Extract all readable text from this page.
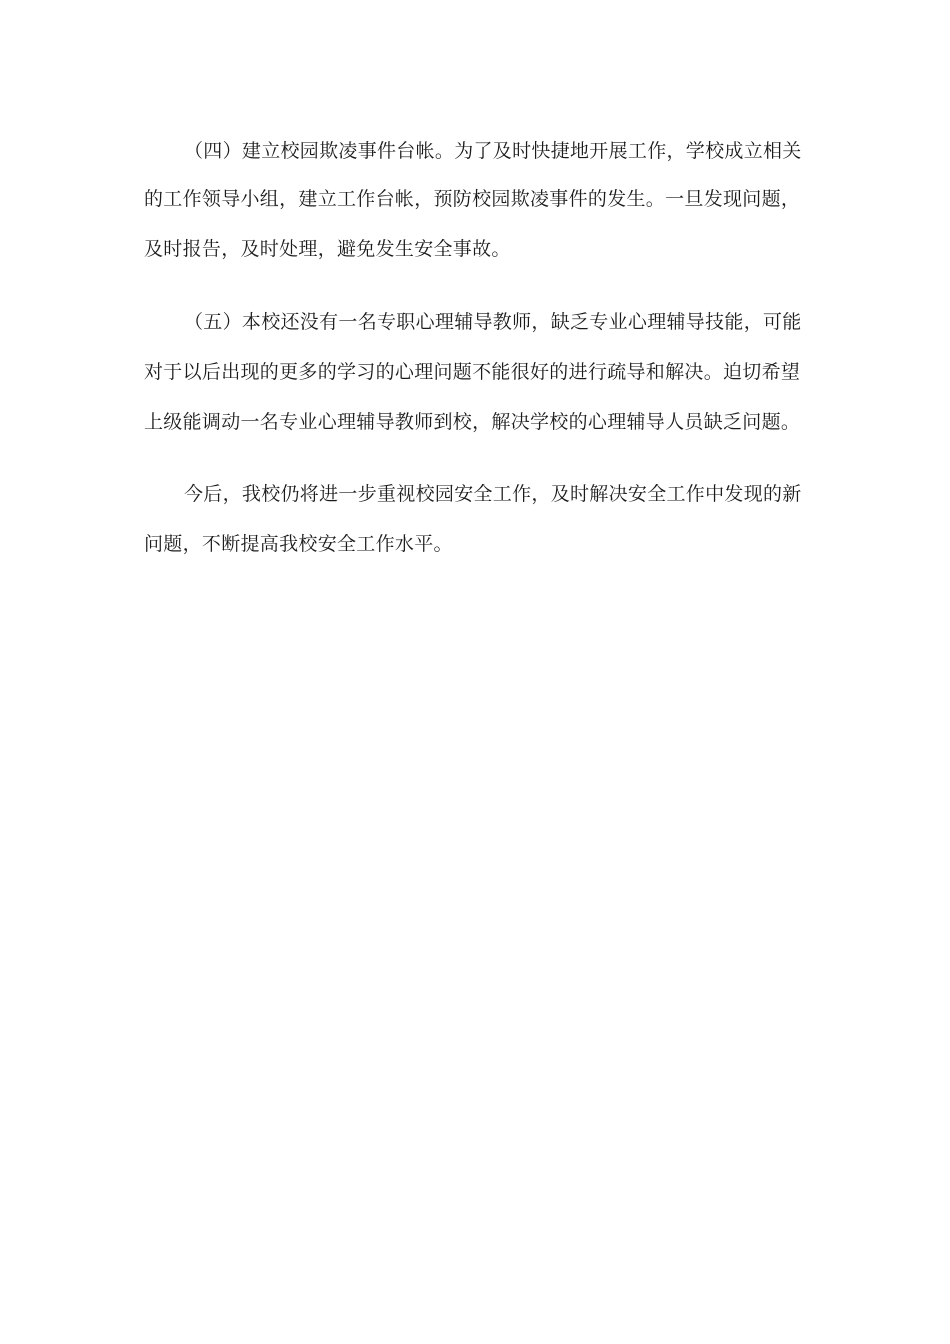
（四）建立校园欺凌事件台帐。为了及时快捷地开展工作，学校成立相关
的工作领导小组，建立工作台帐，预防校园欺凌事件的发生。一旦发现问题，
及时报告，及时处理，避免发生安全事故。
（五）本校还没有一名专职心理辅导教师，缺乏专业心理辅导技能，可能
对于以后出现的更多的学习的心理问题不能很好的进行疏导和解决。迫切希望
上级能调动一名专业心理辅导教师到校，解决学校的心理辅导人员缺乏问题。
今后，我校仍将进一步重视校园安全工作，及时解决安全工作中发现的新
问题，不断提高我校安全工作水平。
